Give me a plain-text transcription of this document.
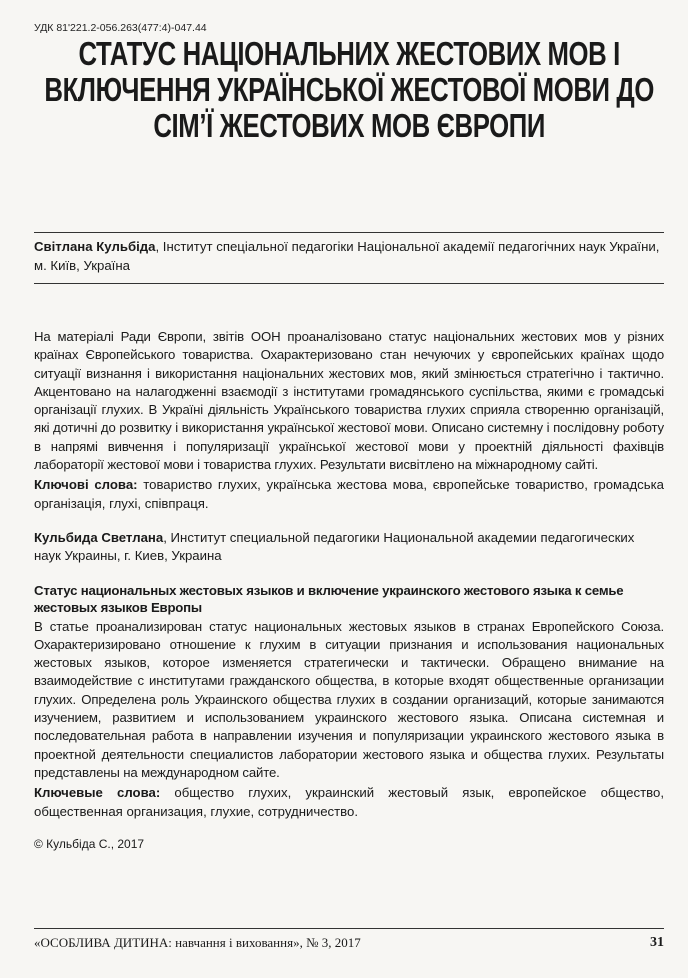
УДК 81'221.2-056.263(477:4)-047.44
СТАТУС НАЦІОНАЛЬНИХ ЖЕСТОВИХ МОВ І ВКЛЮЧЕННЯ УКРАЇНСЬКОЇ ЖЕСТОВОЇ МОВИ ДО СІМ’Ї ЖЕСТОВИХ МОВ ЄВРОПИ
Світлана Кульбіда, Інститут спеціальної педагогіки Національної академії педагогічних наук України, м. Київ, Україна

На матеріалі Ради Європи, звітів ООН проаналізовано статус національних жестових мов у різних країнах Європейського товариства. Охарактеризовано стан нечуючих у європейських країнах щодо ситуації визнання і використання національних жестових мов, який змінюється стратегічно і тактично. Акцентовано на налагодженні взаємодії з інститутами громадянського суспільства, якими є громадські організації глухих. В Україні діяльність Українського товариства глухих сприяла створенню організацій, які дотичні до розвитку і використання української жестової мови. Описано системну і послідовну роботу в напрямі вивчення і популяризації української жестової мови у проектній діяльності фахівців лабораторії жестової мови і товариства глухих. Результати висвітлено на міжнародному сайті.

Ключові слова: товариство глухих, українська жестова мова, європейське товариство, громадська організація, глухі, співпраця.
Кульбида Светлана, Институт специальной педагогики Национальной академии педагогических наук Украины, г. Киев, Украина
Статус национальных жестовых языков и включение украинского жестового языка к семье жестовых языков Европы

В статье проанализирован статус национальных жестовых языков в странах Европейского Союза. Охарактеризировано отношение к глухим в ситуации признания и использования национальных жестовых языков, которое изменяется стратегически и тактически. Обращено внимание на взаимодействие с институтами гражданского общества, в которые входят общественные организации глухих. Определена роль Украинского общества глухих в создании организаций, которые занимаются изучением, развитием и использованием украинского жестового языка. Описана системная и последовательная работа в направлении изучения и популяризации украинского жестового языка в проектной деятельности специалистов лаборатории жестового языка и общества глухих. Результаты представлены на международном сайте.

Ключевые слова: общество глухих, украинский жестовый язык, европейское общество, общественная организация, глухие, сотрудничество.
© Кульбіда С., 2017
«ОСОБЛИВА ДИТИНА: навчання і виховання», № 3, 2017	31
